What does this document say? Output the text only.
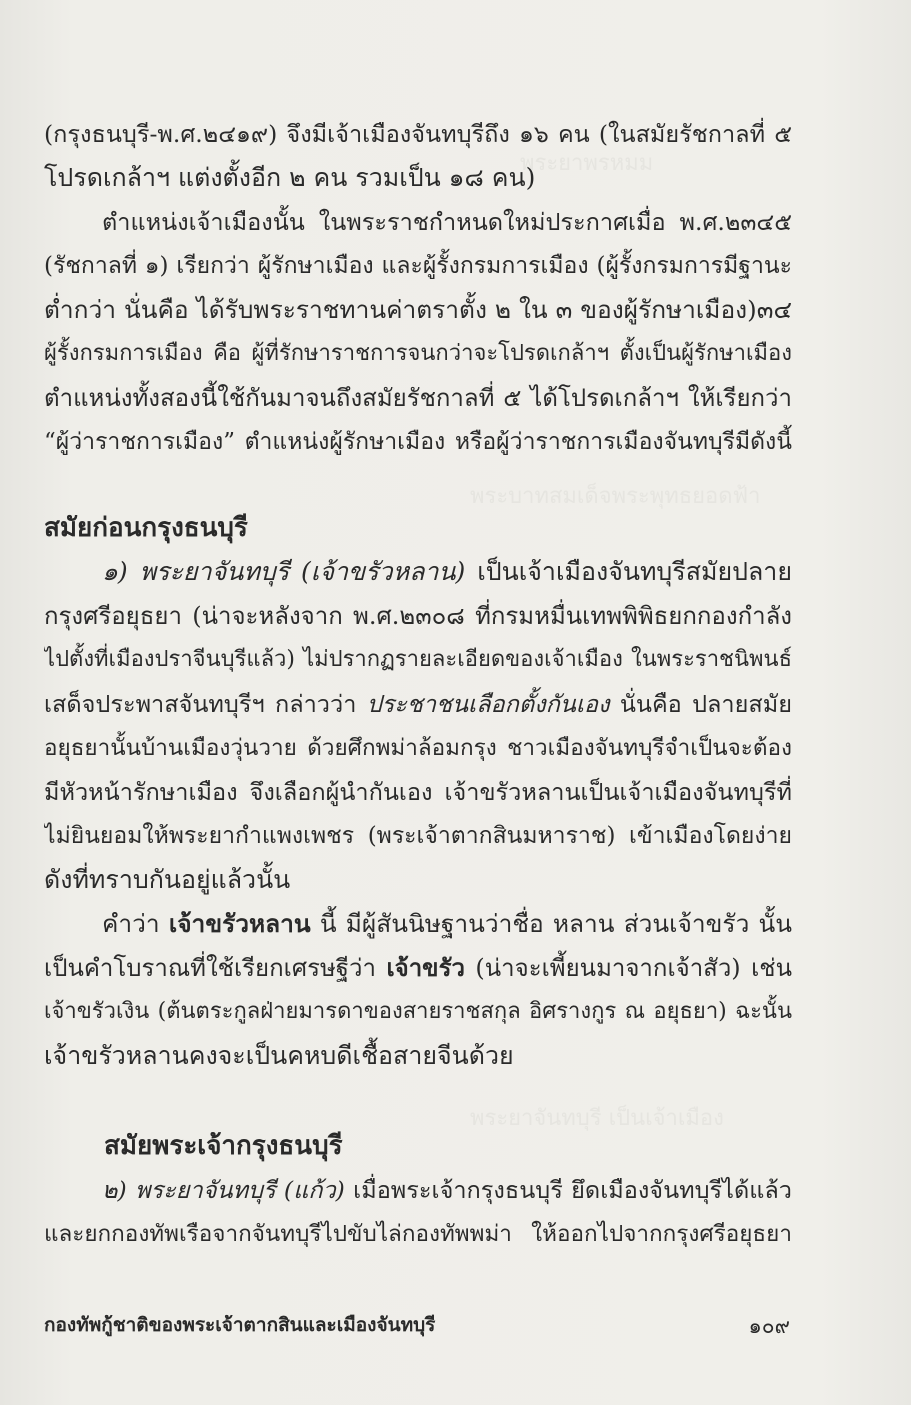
พระยาพรหมม
พระบาทสมเด็จพระพุทธยอดฟ้า
พระยาจันทบุรี เป็นเจ้าเมือง
(กรุงธนบุรี-พ.ศ.๒๔๑๙) จึงมีเจ้าเมืองจันทบุรีถึง ๑๖ คน (ในสมัยรัชกาลที่ ๕
โปรดเกล้าฯ แต่งตั้งอีก ๒ คน รวมเป็น ๑๘ คน)
ตำแหน่งเจ้าเมืองนั้น ในพระราชกำหนดใหม่ประกาศเมื่อ พ.ศ.๒๓๔๕
(รัชกาลที่ ๑) เรียกว่า ผู้รักษาเมือง และผู้รั้งกรมการเมือง (ผู้รั้งกรมการมีฐานะ
ต่ำกว่า นั่นคือ ได้รับพระราชทานค่าตราตั้ง ๒ ใน ๓ ของผู้รักษาเมือง)๓๔
ผู้รั้งกรมการเมือง คือ ผู้ที่รักษาราชการจนกว่าจะโปรดเกล้าฯ ตั้งเป็นผู้รักษาเมือง
ตำแหน่งทั้งสองนี้ใช้กันมาจนถึงสมัยรัชกาลที่ ๕ ได้โปรดเกล้าฯ ให้เรียกว่า
“ผู้ว่าราชการเมือง” ตำแหน่งผู้รักษาเมือง หรือผู้ว่าราชการเมืองจันทบุรีมีดังนี้
สมัยก่อนกรุงธนบุรี
๑) พระยาจันทบุรี (เจ้าขรัวหลาน) เป็นเจ้าเมืองจันทบุรีสมัยปลาย
กรุงศรีอยุธยา (น่าจะหลังจาก พ.ศ.๒๓๐๘ ที่กรมหมื่นเทพพิพิธยกกองกำลัง
ไปตั้งที่เมืองปราจีนบุรีแล้ว) ไม่ปรากฏรายละเอียดของเจ้าเมือง ในพระราชนิพนธ์
เสด็จประพาสจันทบุรีฯ กล่าวว่า ประชาชนเลือกตั้งกันเอง นั่นคือ ปลายสมัย
อยุธยานั้นบ้านเมืองวุ่นวาย ด้วยศึกพม่าล้อมกรุง ชาวเมืองจันทบุรีจำเป็นจะต้อง
มีหัวหน้ารักษาเมือง จึงเลือกผู้นำกันเอง เจ้าขรัวหลานเป็นเจ้าเมืองจันทบุรีที่
ไม่ยินยอมให้พระยากำแพงเพชร (พระเจ้าตากสินมหาราช) เข้าเมืองโดยง่าย
ดังที่ทราบกันอยู่แล้วนั้น
คำว่า เจ้าขรัวหลาน นี้ มีผู้สันนิษฐานว่าชื่อ หลาน ส่วนเจ้าขรัว นั้น
เป็นคำโบราณที่ใช้เรียกเศรษฐีว่า เจ้าขรัว (น่าจะเพี้ยนมาจากเจ้าสัว) เช่น
เจ้าขรัวเงิน (ต้นตระกูลฝ่ายมารดาของสายราชสกุล อิศรางกูร ณ อยุธยา) ฉะนั้น
เจ้าขรัวหลานคงจะเป็นคหบดีเชื้อสายจีนด้วย
สมัยพระเจ้ากรุงธนบุรี
๒) พระยาจันทบุรี (แก้ว) เมื่อพระเจ้ากรุงธนบุรี ยึดเมืองจันทบุรีได้แล้ว
และยกกองทัพเรือจากจันทบุรีไปขับไล่กองทัพพม่า ให้ออกไปจากกรุงศรีอยุธยา
กองทัพกู้ชาติของพระเจ้าตากสินและเมืองจันทบุรี	๑๐๙
